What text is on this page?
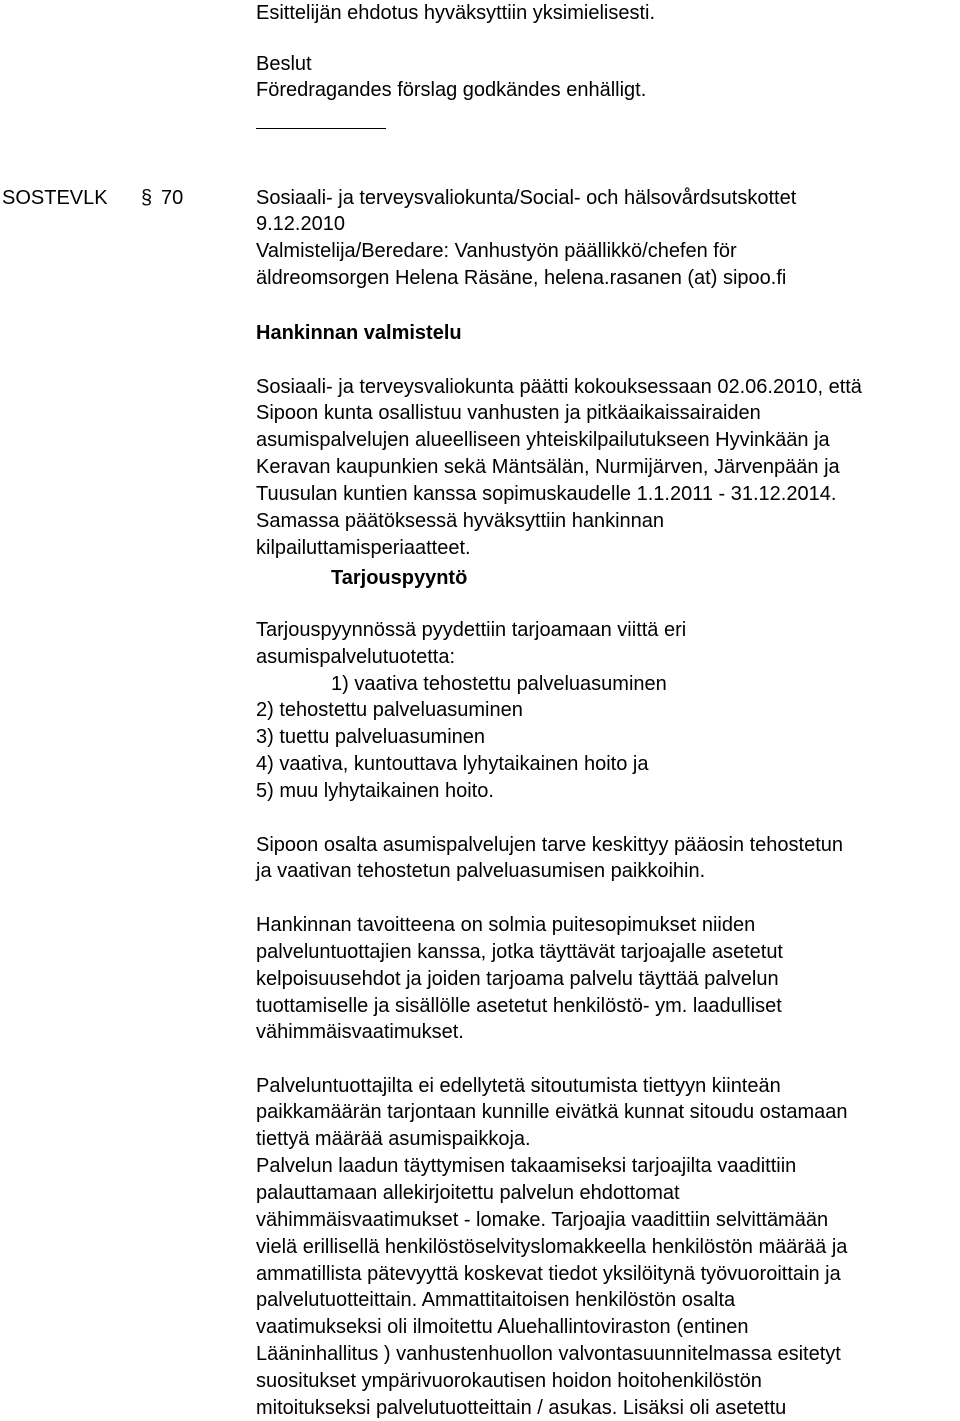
Esittelijän ehdotus hyväksyttiin yksimielisesti.
Beslut
Föredragandes förslag godkändes enhälligt.
SOSTEVLK § 70	Sosiaali- ja terveysvaliokunta/Social- och hälsovårdsutskottet
9.12.2010
Valmistelija/Beredare: Vanhustyön päällikkö/chefen för
äldreomsorgen Helena Räsäne, helena.rasanen (at) sipoo.fi
Hankinnan valmistelu
Sosiaali- ja terveysvaliokunta päätti kokouksessaan 02.06.2010, että
Sipoon kunta osallistuu vanhusten ja pitkäaikaissairaiden
asumispalvelujen alueelliseen yhteiskilpailutukseen Hyvinkään ja
Keravan kaupunkien sekä Mäntsälän, Nurmijärven, Järvenpään ja
Tuusulan kuntien kanssa sopimuskaudelle 1.1.2011 - 31.12.2014.
Samassa päätöksessä hyväksyttiin hankinnan
kilpailuttamisperiaatteet.
Tarjouspyyntö
Tarjouspyynnössä pyydettiin tarjoamaan viittä eri
asumispalvelutuotetta:
1) vaativa tehostettu palveluasuminen
2) tehostettu palveluasuminen
3) tuettu palveluasuminen
4) vaativa, kuntouttava lyhytaikainen hoito ja
5) muu lyhytaikainen hoito.
Sipoon osalta asumispalvelujen tarve keskittyy pääosin tehostetun
ja vaativan tehostetun palveluasumisen paikkoihin.
Hankinnan tavoitteena on solmia puitesopimukset niiden
palveluntuottajien kanssa, jotka täyttävät tarjoajalle asetetut
kelpoisuusehdot ja joiden tarjoama palvelu täyttää palvelun
tuottamiselle ja sisällölle asetetut henkilöstö- ym. laadulliset
vähimmäisvaatimukset.
Palveluntuottajilta ei edellytetä sitoutumista tiettyyn kiinteän
paikkamäärän tarjontaan kunnille eivätkä kunnat sitoudu ostamaan
tiettyä määrää asumispaikkoja.
Palvelun laadun täyttymisen takaamiseksi tarjoajilta vaadittiin
palauttamaan allekirjoitettu palvelun ehdottomat
vähimmäisvaatimukset - lomake. Tarjoajia vaadittiin selvittämään
vielä erillisellä henkilöstöselvityslomakkeella henkilöstön määrää ja
ammatillista pätevyyttä koskevat tiedot yksilöitynä työvuoroittain ja
palvelutuotteittain. Ammattitaitoisen henkilöstön osalta
vaatimukseksi oli ilmoitettu Aluehallintoviraston (entinen
Lääninhallitus ) vanhustenhuollon valvontasuunnitelmassa esitetyt
suositukset ympärivuorokautisen hoidon hoitohenkilöstön
mitoitukseksi palvelutuotteittain / asukas. Lisäksi oli asetettu
